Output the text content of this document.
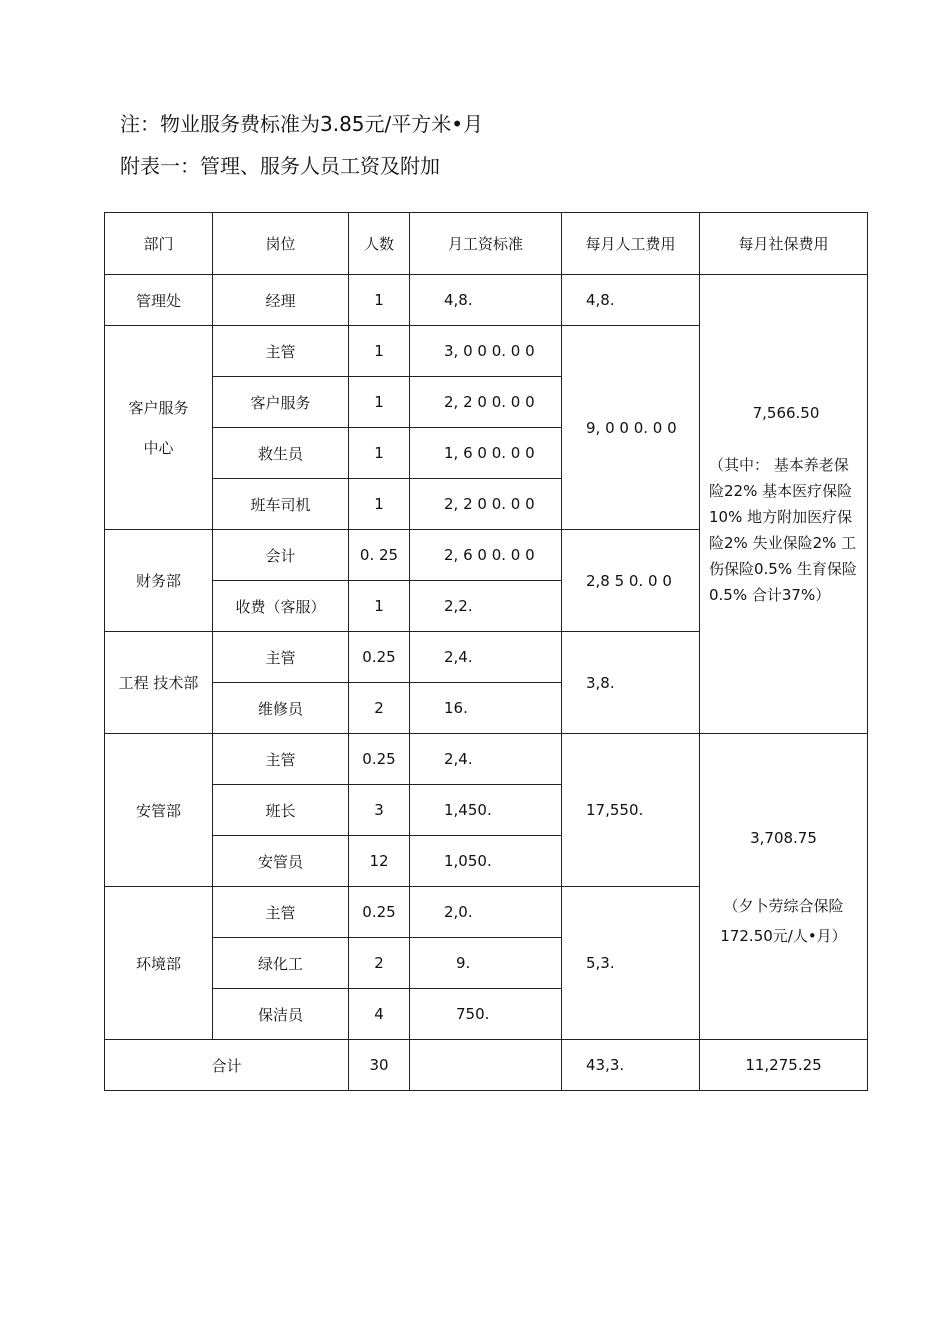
注：物业服务费标准为3.85元/平方米•月
附表一：管理、服务人员工资及附加
部门	岗位	人数	月工资标准	每月人工费用	每月社保费用
管理处	经理	1	4,8.	4,8.	7,566.50
（其中： 基本养老保险22% 基本医疗保险10% 地方附加医疗保险2% 失业保险2% 工伤保险0.5% 生育保险0.5% 合计37%）

客户服务
中心	主管	1	3, 0 0 0. 0 0	9, 0 0 0. 0 0	
	客户服务	1	2, 2 0 0. 0 0		
	救生员	1	1, 6 0 0. 0 0		
	班车司机	1	2, 2 0 0. 0 0		
财务部	会计	0. 25	2, 6 0 0. 0 0	2,8 5 0. 0 0	
	收费（客服）	1	2,2.		
工程 技术部	主管	0.25	2,4.	3,8.	
	维修员	2	16.		
安管部	主管	0.25	2,4.	17,550.	3,708.75
（夕卜劳综合保险172.50元/人•月）
	班长	3	1,450.		
	安管员	12	1,050.		
环境部	主管	0.25	2,0.	5,3.	
	绿化工	2	9.		
	保洁员	4	750.		
合计		30		43,3.	11,275.25
